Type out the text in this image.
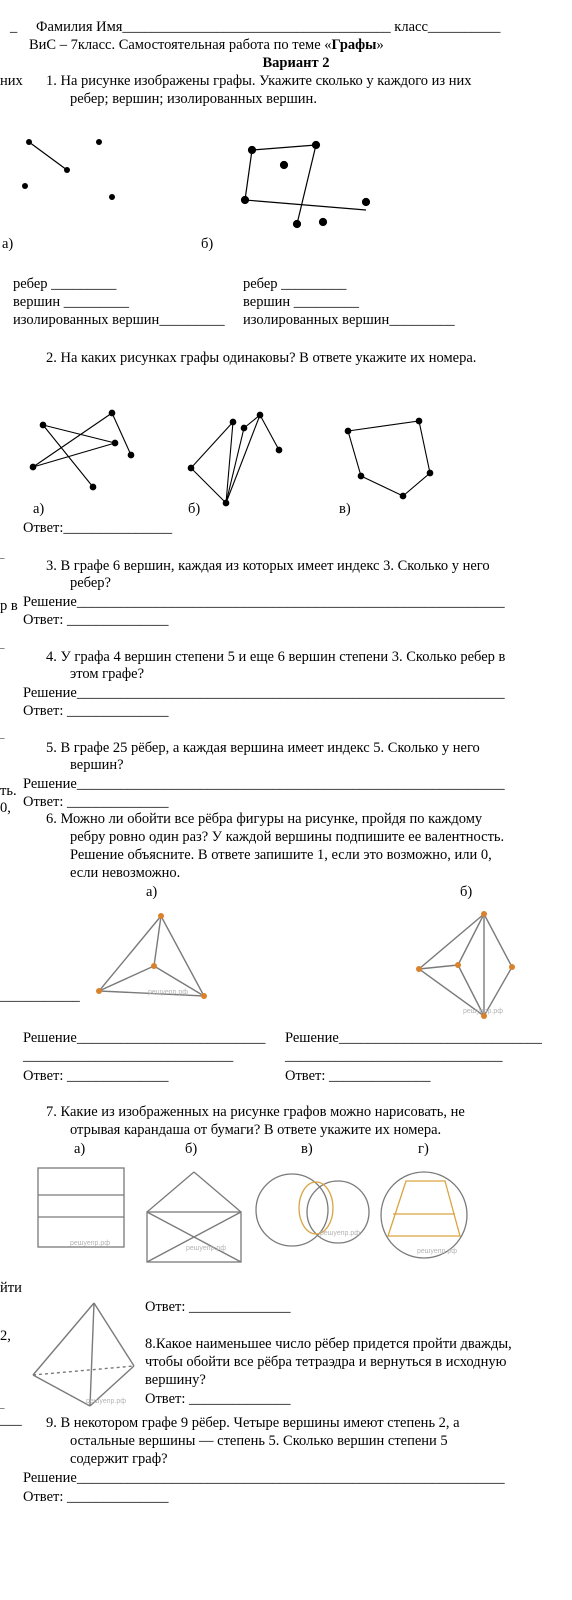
_ Фамилия Имя_____________________________________ класс__________
ВиС – 7класс. Самостоятельная работа по теме «Графы»
Вариант 2
них
р в
ть.
0,
___________
йти
2,
___
–
–
–
–
1. На рисунке изображены графы. Укажите сколько у каждого из них
ребер; вершин; изолированных вершин.
а)	б)
ребер _________
вершин _________
изолированных вершин_________
ребер _________
вершин _________
изолированных вершин_________
2. На каких рисунках графы одинаковы? В ответе укажите их номера.
а)	б)	в)
Ответ:_______________
3. В графе 6 вершин, каждая из которых имеет индекс 3. Сколько у него
ребер?
Решение___________________________________________________________
Ответ: ______________
4. У графа 4 вершин степени 5 и еще 6 вершин степени 3. Сколько ребер в
этом графе?
Решение___________________________________________________________
Ответ: ______________
5. В графе 25 рёбер, а каждая вершина имеет индекс 5. Сколько у него
вершин?
Решение___________________________________________________________
Ответ: ______________
6. Можно ли обойти все рёбра фигуры на рисунке, пройдя по каждому
ребру ровно один раз? У каждой вершины подпишите ее валентность.
Решение объясните. В ответе запишите 1, если это возможно, или 0,
если невозможно.
а)	б)
решуепр.рф
решуепр.рф
Решение__________________________ Решение____________________________
_____________________________	______________________________
Ответ: ______________	Ответ: ______________
7. Какие из изображенных на рисунке графов можно нарисовать, не
отрывая карандаша от бумаги? В ответе укажите их номера.
а)	б)	в)	г)
решуепр.рф
решуепр.рф
решуепр.рф
решуепр.рф
Ответ: ______________
решуепр.рф
8.Какое наименьшее число рёбер придется пройти дважды,
чтобы обойти все рёбра тетраэдра и вернуться в исходную
вершину?
Ответ: ______________
9. В некотором графе 9 рёбер. Четыре вершины имеют степень 2, а
остальные вершины — степень 5. Сколько вершин степени 5
содержит граф?
Решение___________________________________________________________
Ответ: ______________
